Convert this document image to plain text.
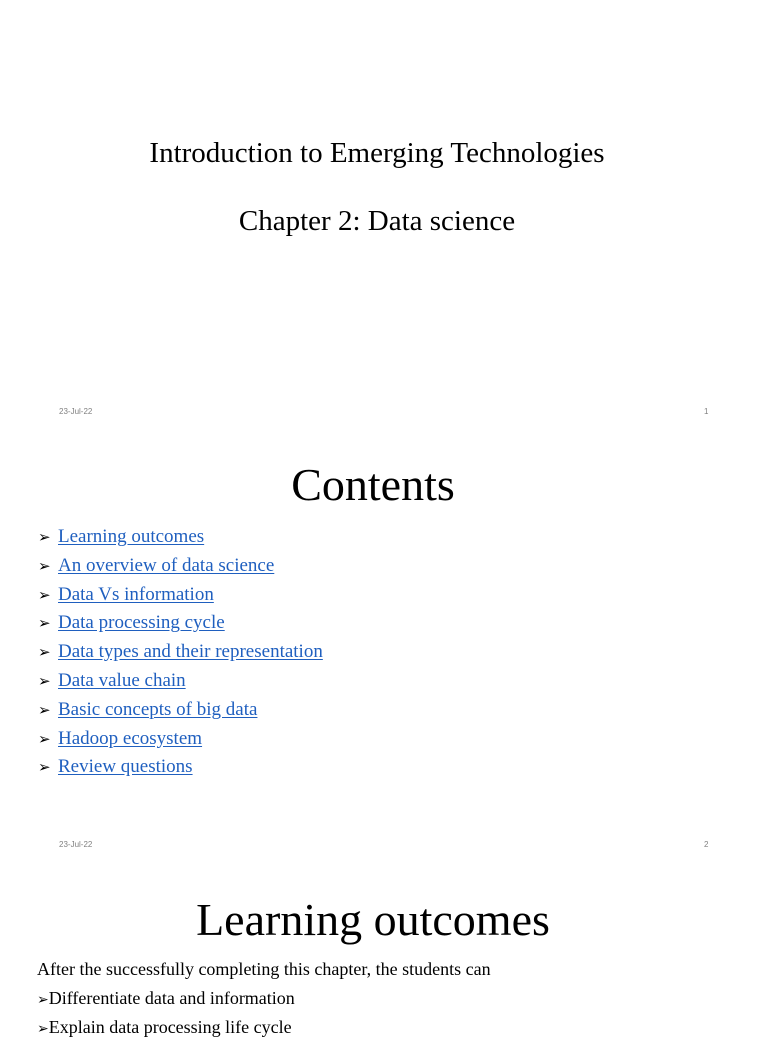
Introduction to Emerging Technologies
Chapter 2: Data science
23-Jul-22	1
Contents
➢ Learning outcomes
➢ An overview of data science
➢ Data Vs information
➢ Data processing cycle
➢ Data types and their representation
➢ Data value chain
➢ Basic concepts of big data
➢ Hadoop ecosystem
➢ Review questions
23-Jul-22	2
Learning outcomes
After the successfully completing this chapter, the students can
➢Differentiate data and information
➢Explain data processing life cycle
